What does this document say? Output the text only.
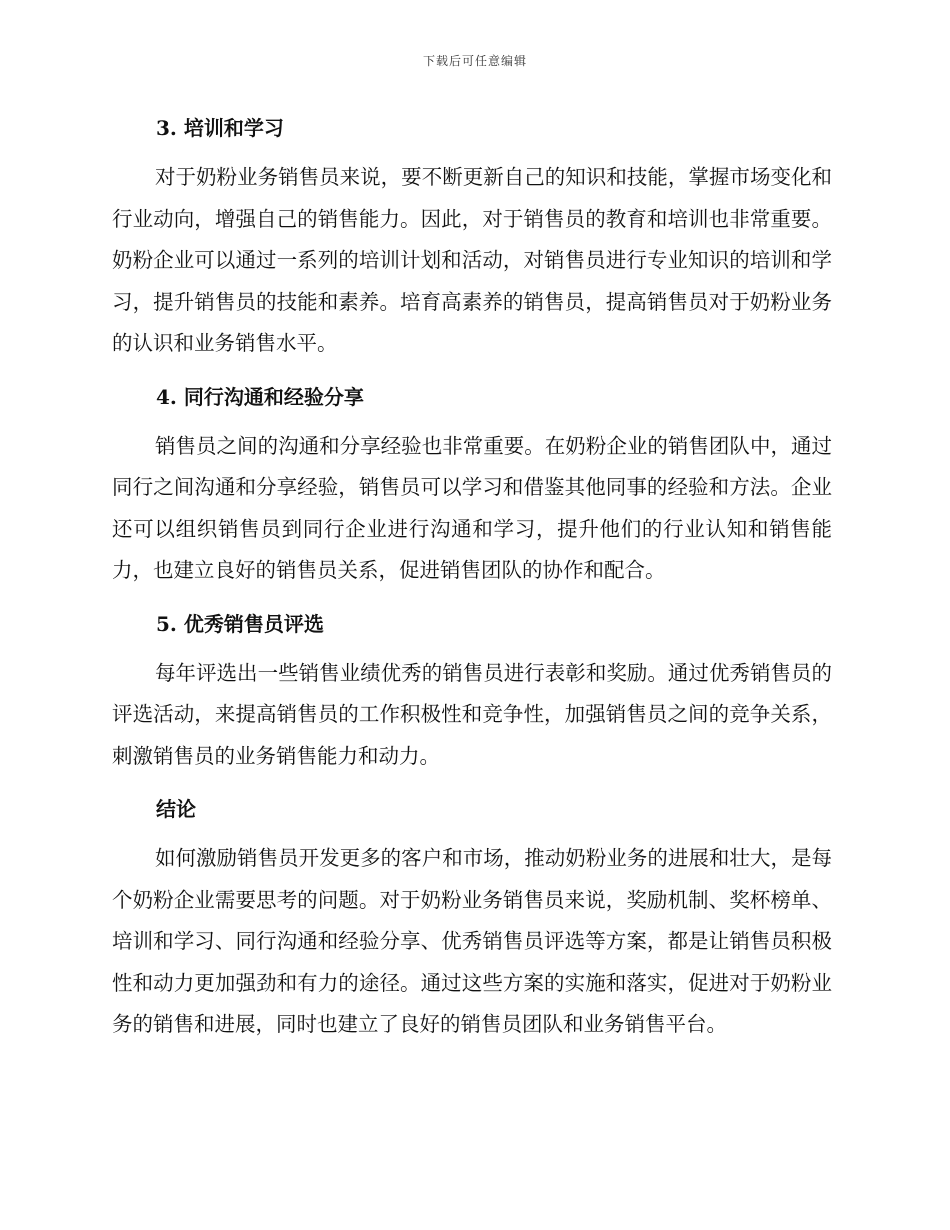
下载后可任意编辑
3. 培训和学习

对于奶粉业务销售员来说，要不断更新自己的知识和技能，掌握市场变化和行业动向，增强自己的销售能力。因此，对于销售员的教育和培训也非常重要。奶粉企业可以通过一系列的培训计划和活动，对销售员进行专业知识的培训和学习，提升销售员的技能和素养。培育高素养的销售员，提高销售员对于奶粉业务的认识和业务销售水平。

4. 同行沟通和经验分享

销售员之间的沟通和分享经验也非常重要。在奶粉企业的销售团队中，通过同行之间沟通和分享经验，销售员可以学习和借鉴其他同事的经验和方法。企业还可以组织销售员到同行企业进行沟通和学习，提升他们的行业认知和销售能力，也建立良好的销售员关系，促进销售团队的协作和配合。

5. 优秀销售员评选

每年评选出一些销售业绩优秀的销售员进行表彰和奖励。通过优秀销售员的评选活动，来提高销售员的工作积极性和竞争性，加强销售员之间的竞争关系，刺激销售员的业务销售能力和动力。

结论

如何激励销售员开发更多的客户和市场，推动奶粉业务的进展和壮大，是每个奶粉企业需要思考的问题。对于奶粉业务销售员来说，奖励机制、奖杯榜单、培训和学习、同行沟通和经验分享、优秀销售员评选等方案，都是让销售员积极性和动力更加强劲和有力的途径。通过这些方案的实施和落实，促进对于奶粉业务的销售和进展，同时也建立了良好的销售员团队和业务销售平台。
